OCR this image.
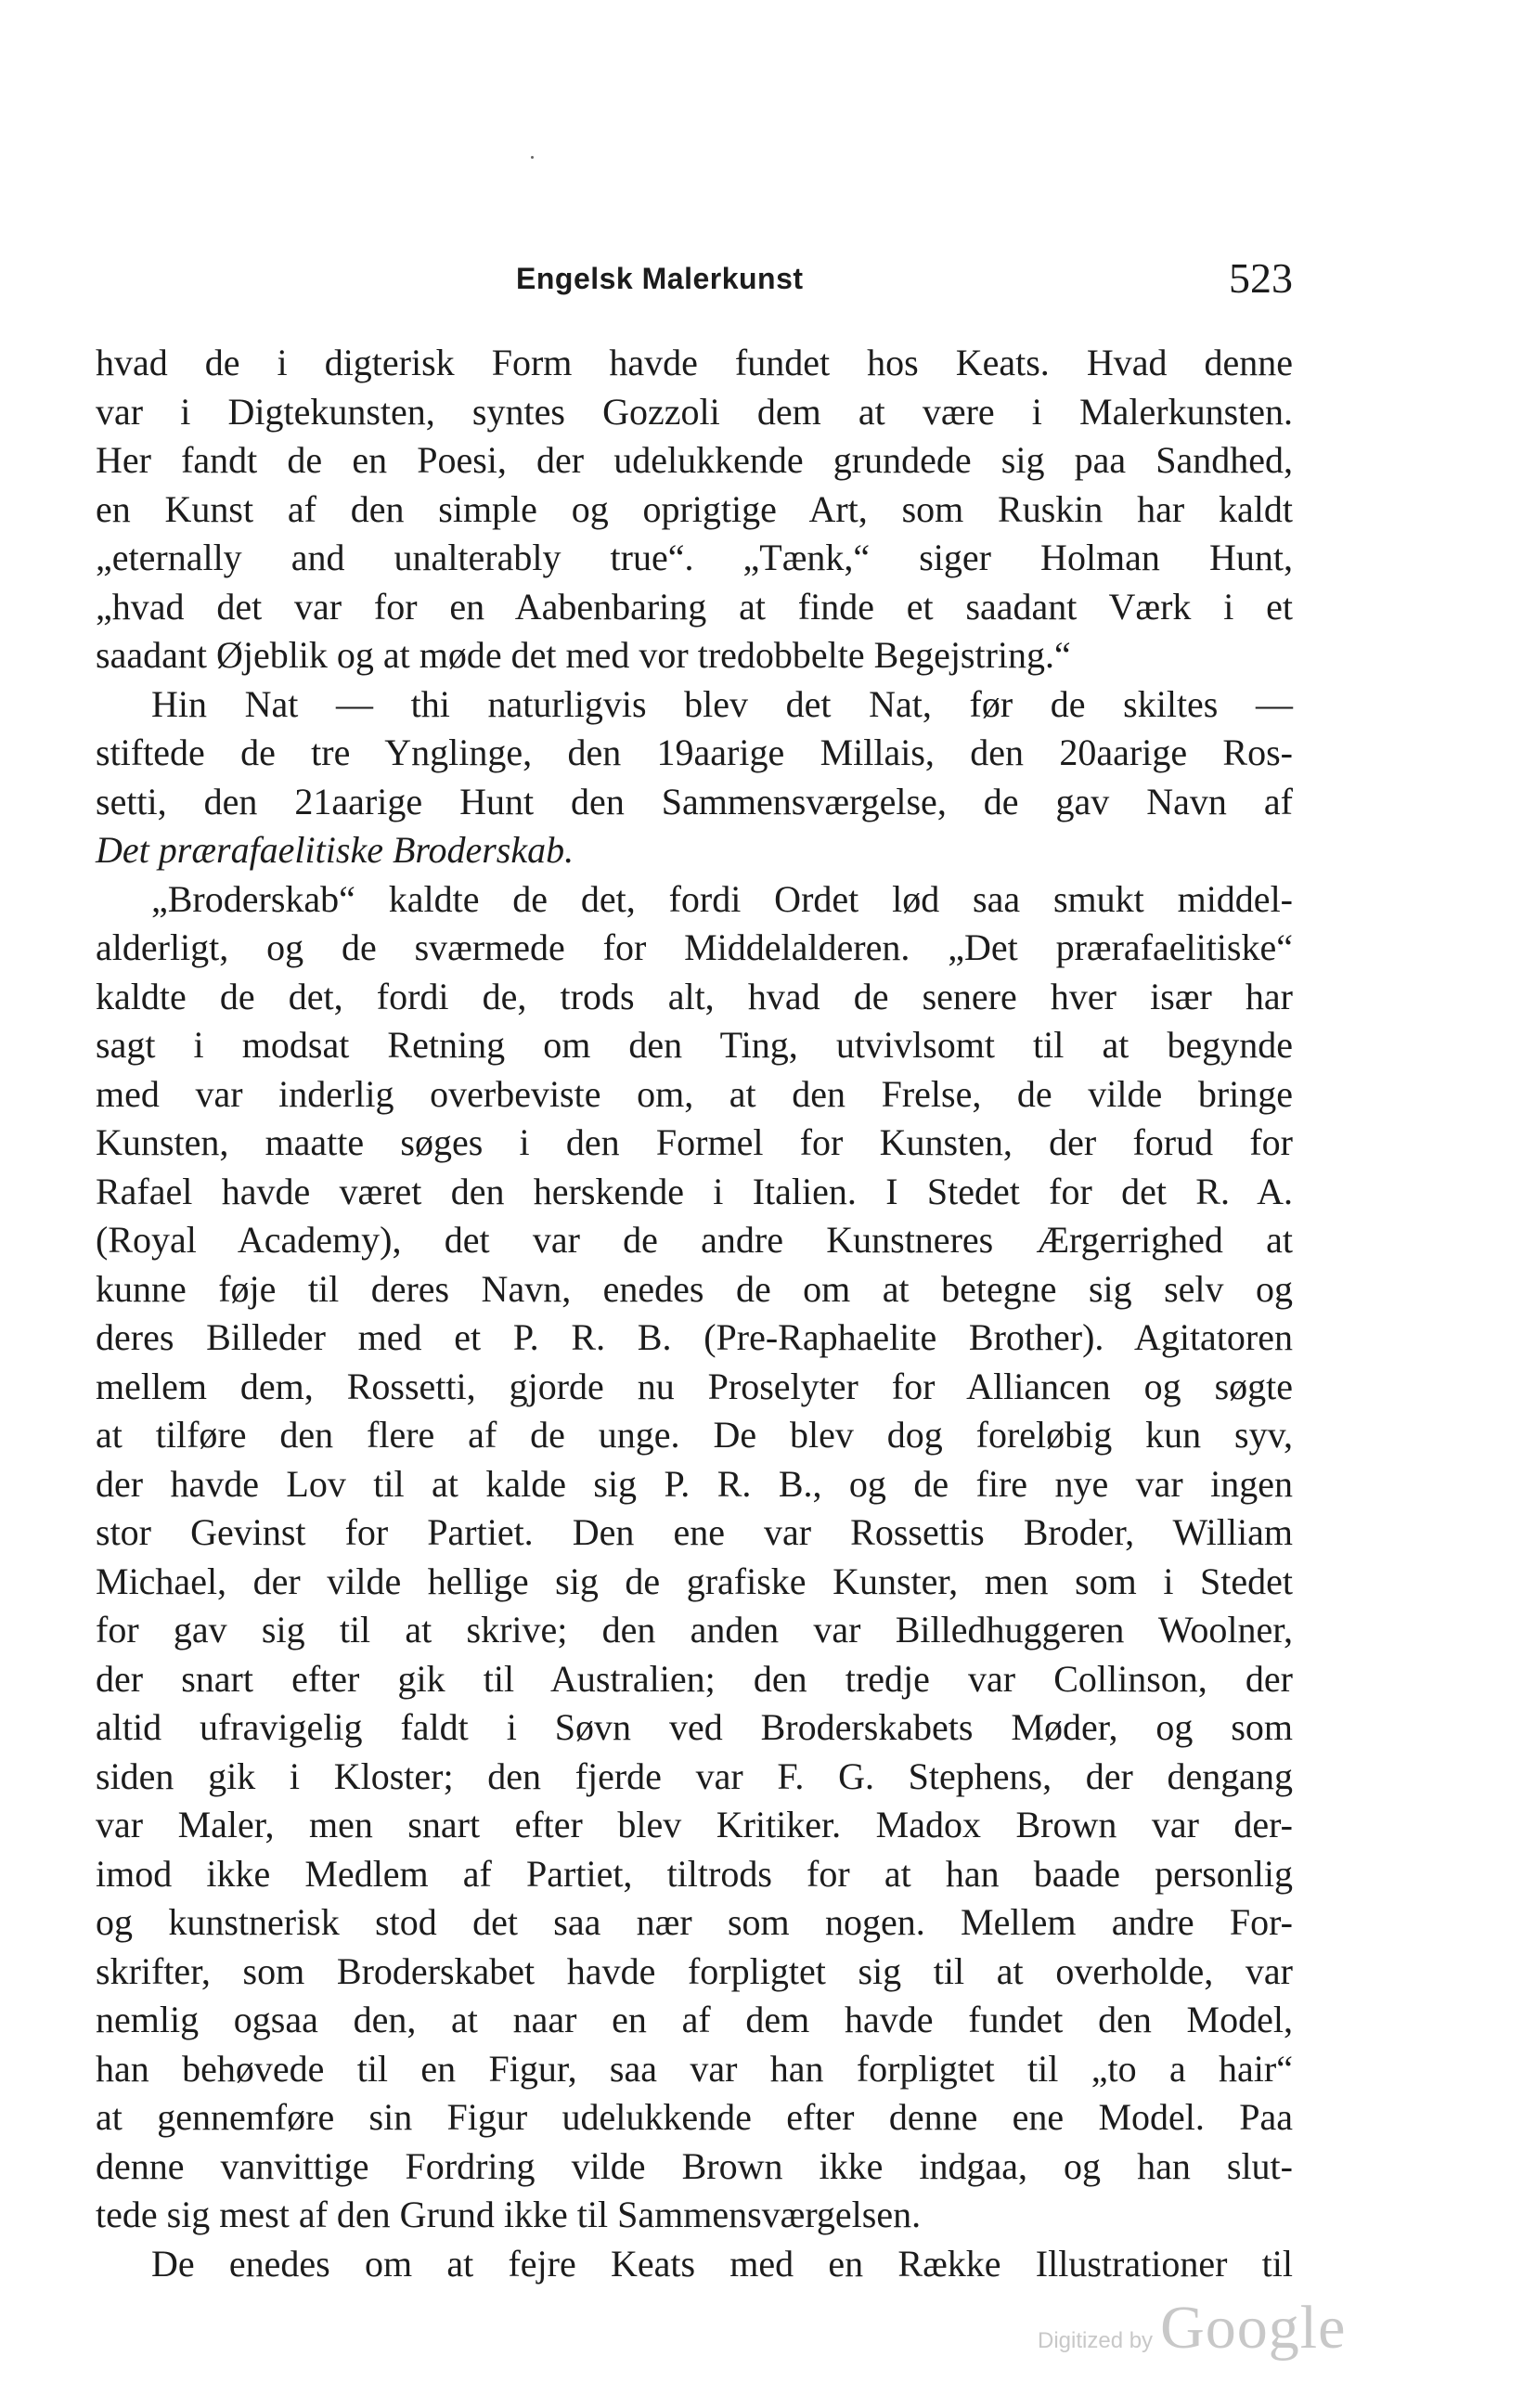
Engelsk Malerkunst	523
hvad de i digterisk Form havde fundet hos Keats. Hvad denne
var i Digtekunsten, syntes Gozzoli dem at være i Malerkunsten.
Her fandt de en Poesi, der udelukkende grundede sig paa Sandhed,
en Kunst af den simple og oprigtige Art, som Ruskin har kaldt
„eternally and unalterably true“. „Tænk,“ siger Holman Hunt,
„hvad det var for en Aabenbaring at finde et saadant Værk i et
saadant Øjeblik og at møde det med vor tredobbelte Begejstring.“
Hin Nat — thi naturligvis blev det Nat, før de skiltes —
stiftede de tre Ynglinge, den 19aarige Millais, den 20aarige Ros-
setti, den 21aarige Hunt den Sammensværgelse, de gav Navn af
Det prærafaelitiske Broderskab.
„Broderskab“ kaldte de det, fordi Ordet lød saa smukt middel-
alderligt, og de sværmede for Middelalderen. „Det prærafaelitiske“
kaldte de det, fordi de, trods alt, hvad de senere hver især har
sagt i modsat Retning om den Ting, utvivlsomt til at begynde
med var inderlig overbeviste om, at den Frelse, de vilde bringe
Kunsten, maatte søges i den Formel for Kunsten, der forud for
Rafael havde været den herskende i Italien. I Stedet for det R. A.
(Royal Academy), det var de andre Kunstneres Ærgerrighed at
kunne føje til deres Navn, enedes de om at betegne sig selv og
deres Billeder med et P. R. B. (Pre-Raphaelite Brother). Agitatoren
mellem dem, Rossetti, gjorde nu Proselyter for Alliancen og søgte
at tilføre den flere af de unge. De blev dog foreløbig kun syv,
der havde Lov til at kalde sig P. R. B., og de fire nye var ingen
stor Gevinst for Partiet. Den ene var Rossettis Broder, William
Michael, der vilde hellige sig de grafiske Kunster, men som i Stedet
for gav sig til at skrive; den anden var Billedhuggeren Woolner,
der snart efter gik til Australien; den tredje var Collinson, der
altid ufravigelig faldt i Søvn ved Broderskabets Møder, og som
siden gik i Kloster; den fjerde var F. G. Stephens, der dengang
var Maler, men snart efter blev Kritiker. Madox Brown var der-
imod ikke Medlem af Partiet, tiltrods for at han baade personlig
og kunstnerisk stod det saa nær som nogen. Mellem andre For-
skrifter, som Broderskabet havde forpligtet sig til at overholde, var
nemlig ogsaa den, at naar en af dem havde fundet den Model,
han behøvede til en Figur, saa var han forpligtet til „to a hair“
at gennemføre sin Figur udelukkende efter denne ene Model. Paa
denne vanvittige Fordring vilde Brown ikke indgaa, og han slut-
tede sig mest af den Grund ikke til Sammensværgelsen.
De enedes om at fejre Keats med en Række Illustrationer til
Digitized by Google
